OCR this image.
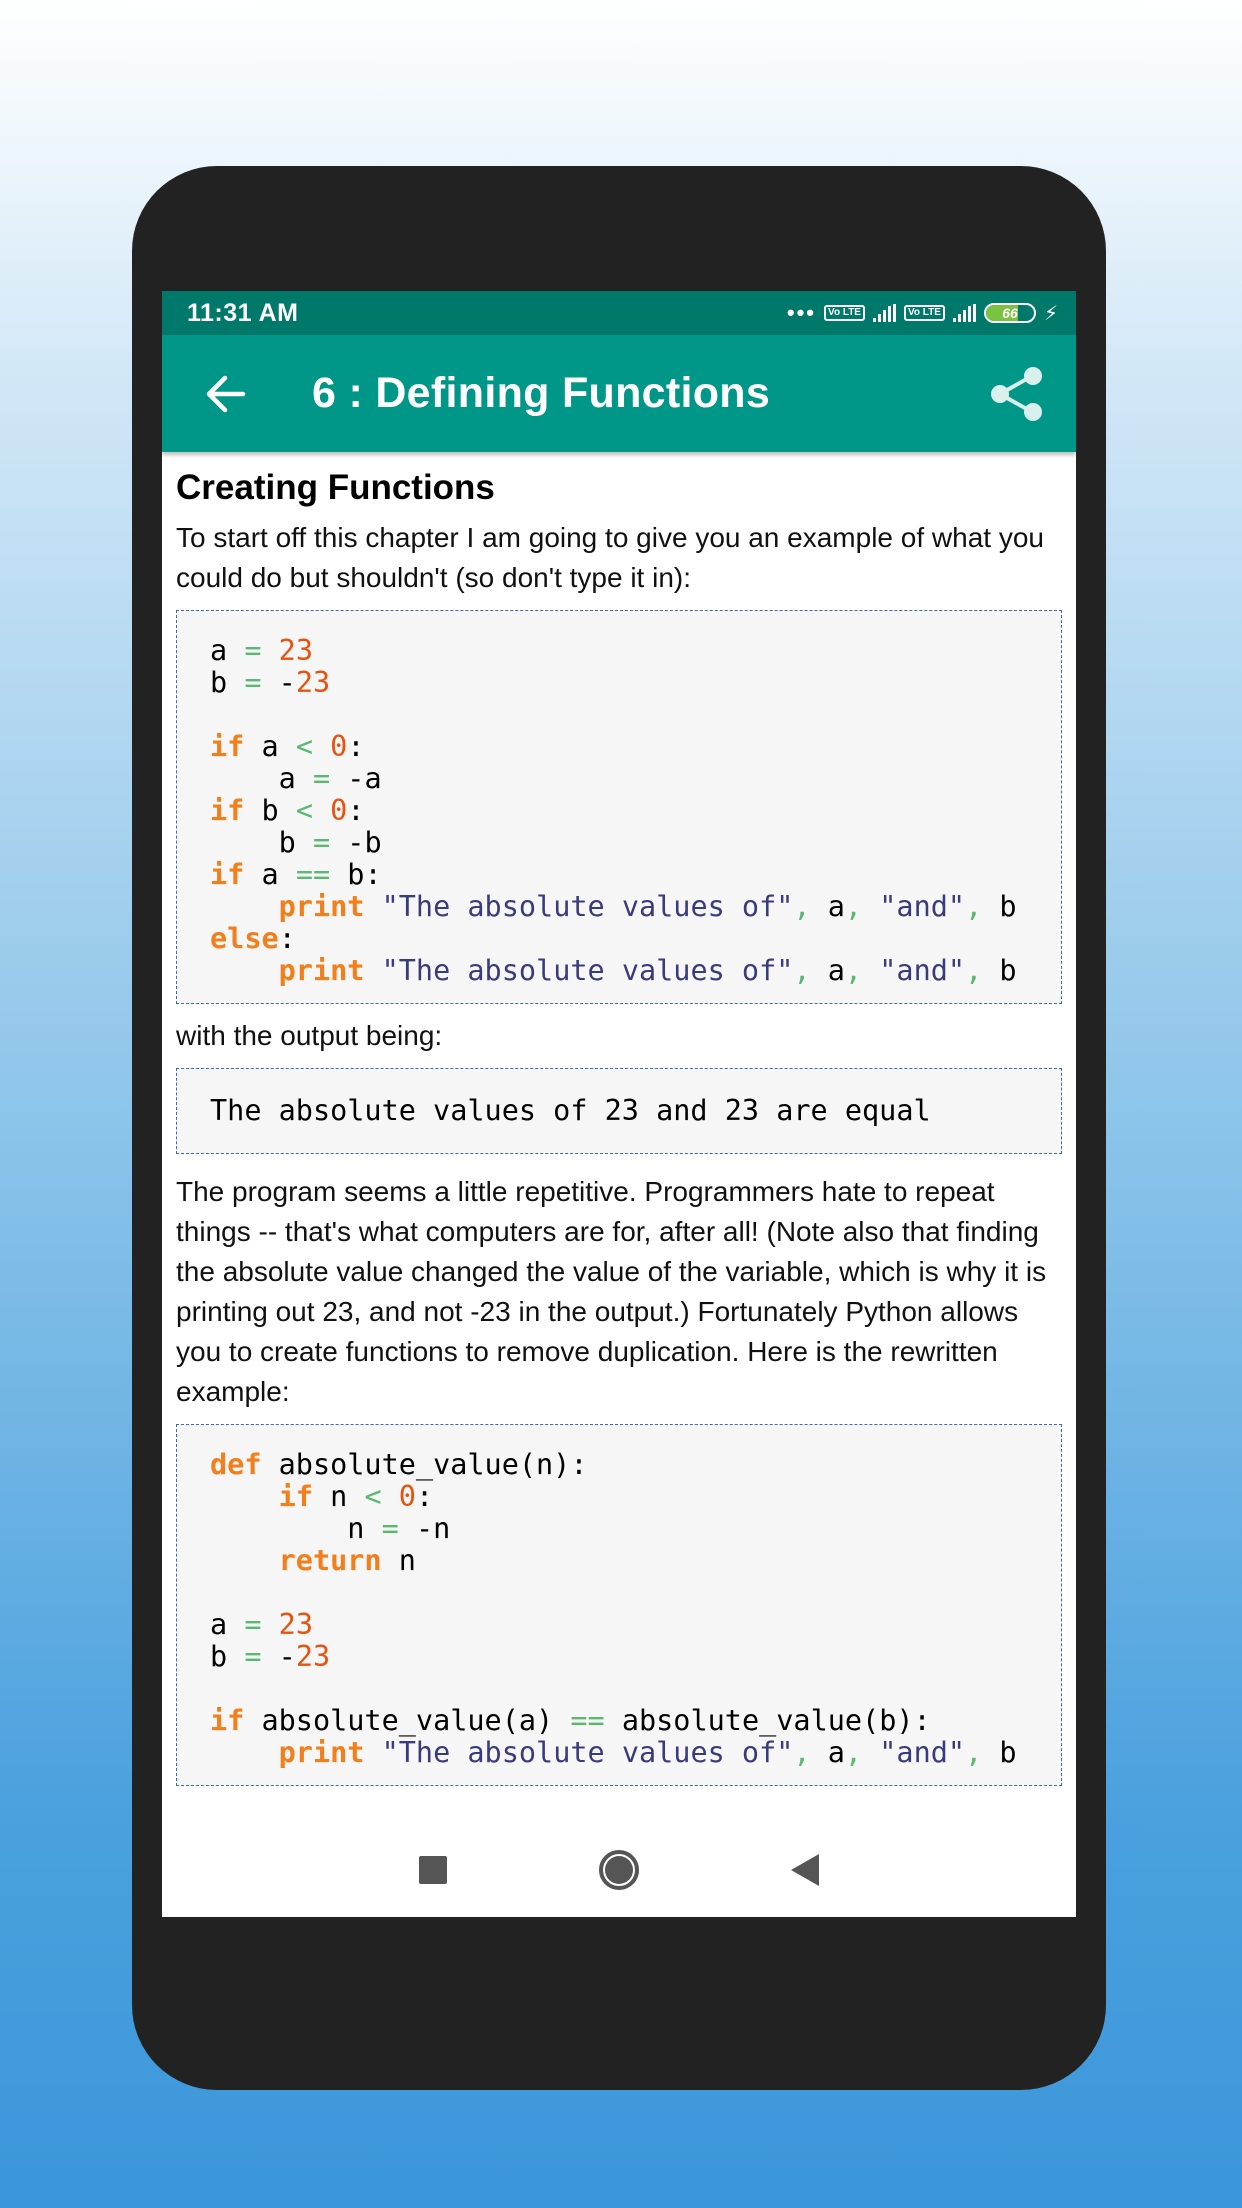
11:31 AM	•••	Vo LTE	Vo LTE	66	⚡
6 : Defining Functions
Creating Functions

To start off this chapter I am going to give you an example of what you could do but shouldn't (so don't type it in):

a = 23
b = -23

if a < 0:
a = -a
if b < 0:
b = -b
if a == b:
print "The absolute values of", a, "and", b
else:
print "The absolute values of", a, "and", b

with the output being:

The absolute values of 23 and 23 are equal

The program seems a little repetitive. Programmers hate to repeat things -- that's what computers are for, after all! (Note also that finding the absolute value changed the value of the variable, which is why it is printing out 23, and not -23 in the output.) Fortunately Python allows you to create functions to remove duplication. Here is the rewritten example:

def absolute_value(n):
if n < 0:
n = -n
return n

a = 23
b = -23

if absolute_value(a) == absolute_value(b):
print "The absolute values of", a, "and", b
